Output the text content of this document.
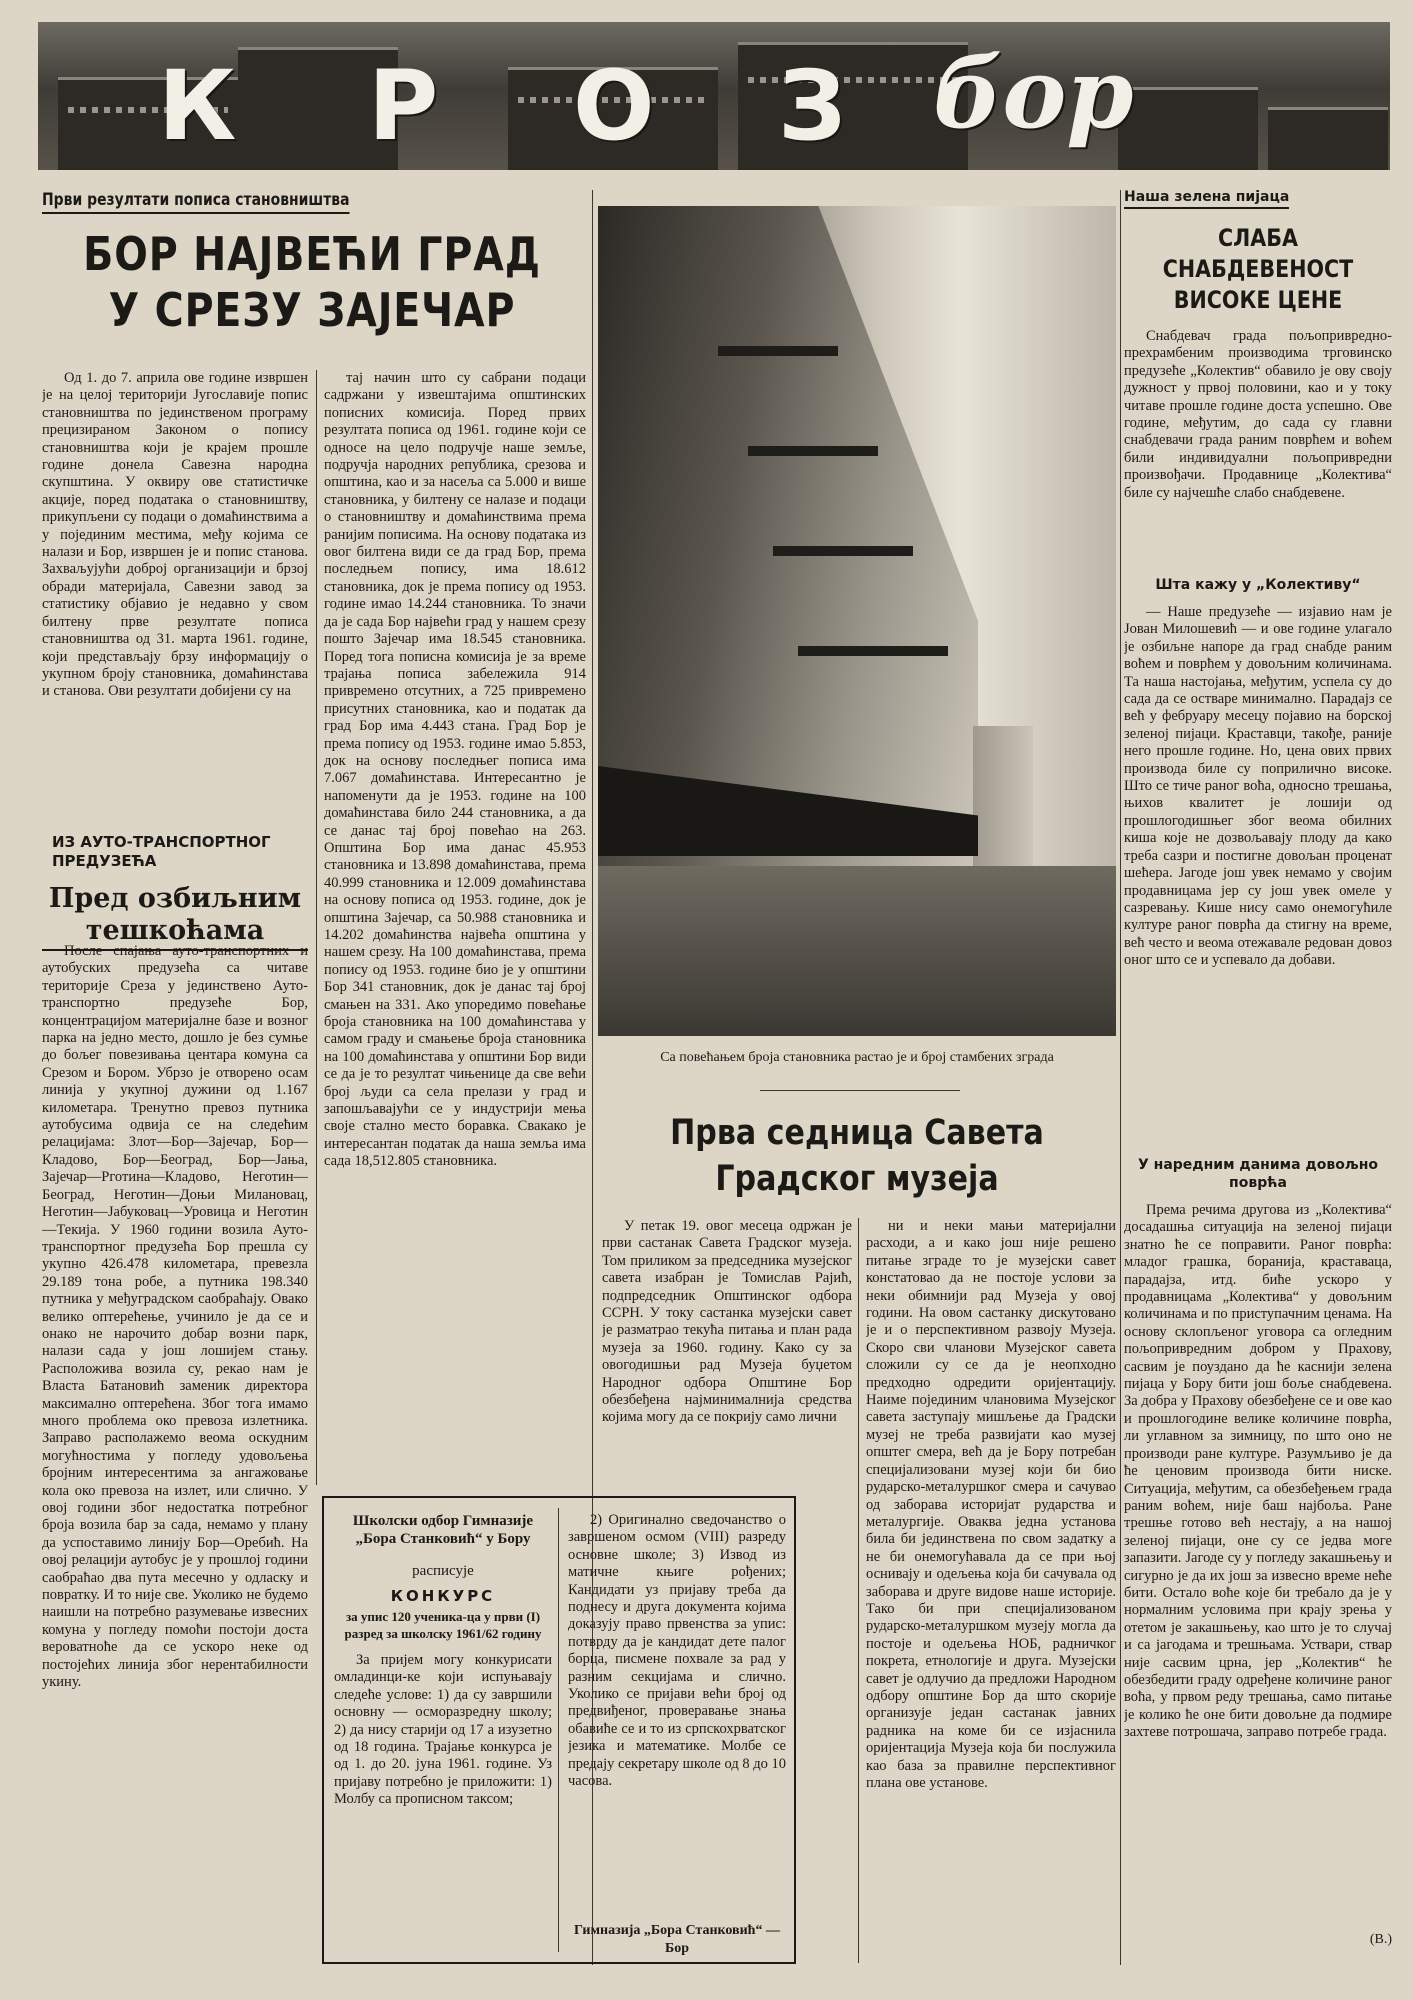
К Р О З бор
Први резултати пописа становништва
БОР НАЈВЕЋИ ГРАД
У СРЕЗУ ЗАЈЕЧАР
Од 1. до 7. априла ове године извршен је на целој територији Југославије попис становништва по јединственом програму прецизираном Законом о попису становништва који је крајем прошле године донела Савезна народна скупштина. У оквиру ове статистичке акције, поред података о становништву, прикупљени су подаци о домаћинствима а у појединим местима, међу којима се налази и Бор, извршен је и попис станова. Захваљујући доброј организацији и брзој обради материјала, Савезни завод за статистику објавио је недавно у свом билтену прве резултате пописа становништва од 31. марта 1961. године, који представљају брзу информацију о укупном броју становника, домаћинстава и станова. Ови резултати добијени су на
тај начин што су сабрани подаци садржани у извештајима општинских пописних комисија. Поред првих резултата пописа од 1961. године који се односе на цело подручје наше земље, подручја народних република, срезова и општина, као и за насеља са 5.000 и више становника, у билтену се налазе и подаци о становништву и домаћинствима према ранијим пописима. На основу података из овог билтена види се да град Бор, према последњем попису, има 18.612 становника, док је према попису од 1953. године имао 14.244 становника. То значи да је сада Бор највећи град у нашем срезу пошто Зајечар има 18.545 становника. Поред тога пописна комисија је за време трајања пописа забележила 914 привремено отсутних, а 725 привремено присутних становника, као и податак да град Бор има 4.443 стана. Град Бор је према попису од 1953. године имао 5.853, док на основу последњег пописа има 7.067 домаћинстава. Интересантно је напоменути да је 1953. године на 100 домаћинстава било 244 становника, а да се данас тај број повећао на 263. Општина Бор има данас 45.953 становника и 13.898 домаћинстава, према 40.999 становника и 12.009 домаћинстава на основу пописа од 1953. године, док је општина Зајечар, са 50.988 становника и 14.202 домаћинства највећа општина у нашем срезу. На 100 домаћинстава, према попису од 1953. године био је у општини Бор 341 становник, док је данас тај број смањен на 331. Ако упоредимо повећање броја становника на 100 домаћинстава у самом граду и смањење броја становника на 100 домаћинстава у општини Бор види се да је то резултат чињенице да све већи број људи са села прелази у град и запошљавајући се у индустрији мења своје стално место боравка. Свакако је интересантан податак да наша земља има сада 18,512.805 становника.
ИЗ АУТО-ТРАНСПОРТНОГ ПРЕДУЗЕЋА
Пред озбиљним тешкоћама
После спајања ауто-транспортних и аутобуских предузећа са читаве територије Среза у јединствено Ауто-транспортно предузеће Бор, концентрацијом материјалне базе и возног парка на једно место, дошло је без сумње до бољег повезивања центара комуна са Срезом и Бором. Убрзо је отворено осам линија у укупној дужини од 1.167 километара. Тренутно превоз путника аутобусима одвија се на следећим релацијама: Злот—Бор—Зајечар, Бор—Кладово, Бор—Београд, Бор—Јања, Зајечар—Рготина—Кладово, Неготин—Београд, Неготин—Доњи Милановац, Неготин—Јабуковац—Уровица и Неготин—Текија. У 1960 години возила Ауто-транспортног предузећа Бор прешла су укупно 426.478 километара, превезла 29.189 тона робе, а путника 198.340 путника у међуградском саобраћају. Овако велико оптерећење, учинило је да се и онако не нарочито добар возни парк, налази сада у још лошијем стању. Расположива возила су, рекао нам је Власта Батановић заменик директора максимално оптерећена. Због тога имамо много проблема око превоза излетника. Заправо располажемо веома оскудним могућностима у погледу удовољења бројним интересентима за ангажовање кола око превоза на излет, или слично. У овој години због недостатка потребног броја возила бар за сада, немамо у плану да успоставимо линију Бор—Оребић. На овој релацији аутобус је у прошлој години саобраћао два пута месечно у одласку и повратку. И то није све. Уколико не будемо наишли на потребно разумевање извесних комуна у погледу помоћи постоји доста вероватноће да се ускоро неке од постојећих линија због нерентабилности укину.
Са повећањем броја становника растао је и број стамбених зграда
Прва седница Савета
Градског музеја
У петак 19. овог месеца одржан је први састанак Савета Градског музеја. Том приликом за председника музејског савета изабран је Томислав Рајић, подпредседник Општинског одбора ССРН. У току састанка музејски савет је разматрао текућа питања и план рада музеја за 1960. годину. Како су за овогодишњи рад Музеја буџетом Народног одбора Општине Бор обезбеђена најминималнија средства којима могу да се покрију само лични
ни и неки мањи материјални расходи, а и како још није решено питање зграде то је музејски савет констатовао да не постоје услови за неки обимнији рад Музеја у овој години. На овом састанку дискутовано је и о перспективном развоју Музеја. Скоро сви чланови Музејског савета сложили су се да је неопходно предходно одредити оријентацију. Наиме појединим члановима Музејског савета заступају мишљење да Градски музеј не треба развијати као музеј општег смера, већ да је Бору потребан специјализовани музеј који би био рударско-металуршког смера и сачувао од заборава историјат рударства и металургије. Оваква једна установа била би јединствена по свом задатку а не би онемогућавала да се при њој оснивају и одељења која би сачувала од заборава и друге видове наше историје. Тако би при специјализованом рударско-металуршком музеју могла да постоје и одељења НОБ, радничког покрета, етнологије и друга. Музејски савет је одлучио да предложи Народном одбору општине Бор да што скорије организује један састанак јавних радника на коме би се изјаснила оријентација Музеја која би послужила као база за правилне перспективног плана ове установе.
Школски одбор Гимназије „Бора Станковић“ у Бору
расписује
КОНКУРС
за упис 120 ученика-ца у први (I) разред за школску 1961/62 годину
За пријем могу конкурисати омладинци-ке који испуњавају следеће услове: 1) да су завршили основну — осморазредну школу; 2) да нису старији од 17 а изузетно од 18 година. Трајање конкурса је од 1. до 20. јуна 1961. године. Уз пријаву потребно је приложити: 1) Молбу са прописном таксом;
2) Оригинално сведочанство о завршеном осмом (VIII) разреду основне школе; 3) Извод из матичне књиге рођених; Кандидати уз пријаву треба да поднесу и друга документа којима доказују право првенства за упис: потврду да је кандидат дете палог борца, писмене похвале за рад у разним секцијама и слично. Уколико се пријави већи број од предвиђеног, проверавање знања обавиће се и то из српскохрватског језика и математике. Молбе се предају секретару школе од 8 до 10 часова.
Гимназија „Бора Станковић“ — Бор
Наша зелена пијаца
СЛАБА СНАБДЕВЕНОСТ
ВИСОКЕ ЦЕНЕ
Снабдевач града пољопривредно-прехрамбеним производима трговинско предузеће „Колектив“ обавило је ову своју дужност у првој половини, као и у току читаве прошле године доста успешно. Ове године, међутим, до сада су главни снабдевачи града раним поврћем и воћем били индивидуални пољопривредни произвођачи. Продавнице „Колектива“ биле су најчешће слабо снабдевене.
Шта кажу у „Колективу“
— Наше предузеће — изјавио нам је Јован Милошевић — и ове године улагало је озбиљне напоре да град снабде раним воћем и поврћем у довољним количинама. Та наша настојања, међутим, успела су до сада да се остваре минимално. Парадајз се већ у фебруару месецу појавио на борској зеленој пијаци. Краставци, такође, раније него прошле године. Но, цена ових првих производа биле су поприлично високе. Што се тиче раног воћа, односно трешања, њихов квалитет је лошији од прошлогодишњег због веома обилних киша које не дозвољавају плоду да како треба сазри и постигне довољан проценат шећера. Јагоде још увек немамо у својим продавницама јер су још увек омеле у сазревању. Кише нису само онемогућиле културе раног поврћа да стигну на време, већ често и веома отежавале редован довоз оног што се и успевало да добави.
У наредним данима довољно поврћа
Према речима другова из „Колектива“ досадашња ситуација на зеленој пијаци знатно ће се поправити. Раног поврћа: младог грашка, боранија, краставаца, парадајза, итд. биће ускоро у продавницама „Колектива“ у довољним количинама и по приступачним ценама. На основу склопљеног уговора са огледним пољопривредним добром у Прахову, сасвим је поуздано да ће каснији зелена пијаца у Бору бити још боље снабдевена. За добра у Прахову обезбеђене се и ове као и прошлогодине велике количине поврћа, ли углавном за зимницу, по што оно не производи ране културе. Разумљиво је да ће ценовим производа бити ниске. Ситуација, међутим, са обезбеђењем града раним воћем, није баш најбоља. Ране трешње готово већ нестају, а на нашој зеленој пијаци, оне су се једва моге запазити. Јагоде су у погледу закашњењу и сигурно је да их још за извесно време неће бити. Остало воће које би требало да је у нормалним условима при крају зрења у отетом је закашњењу, као што је то случај и са јагодама и трешњама. Уствари, ствар није сасвим црна, јер „Колектив“ ће обезбедити граду одређене количине раног воћа, у првом реду трешања, само питање је колико ће оне бити довољне да подмире захтеве потрошача, заправо потребе града.
(В.)
